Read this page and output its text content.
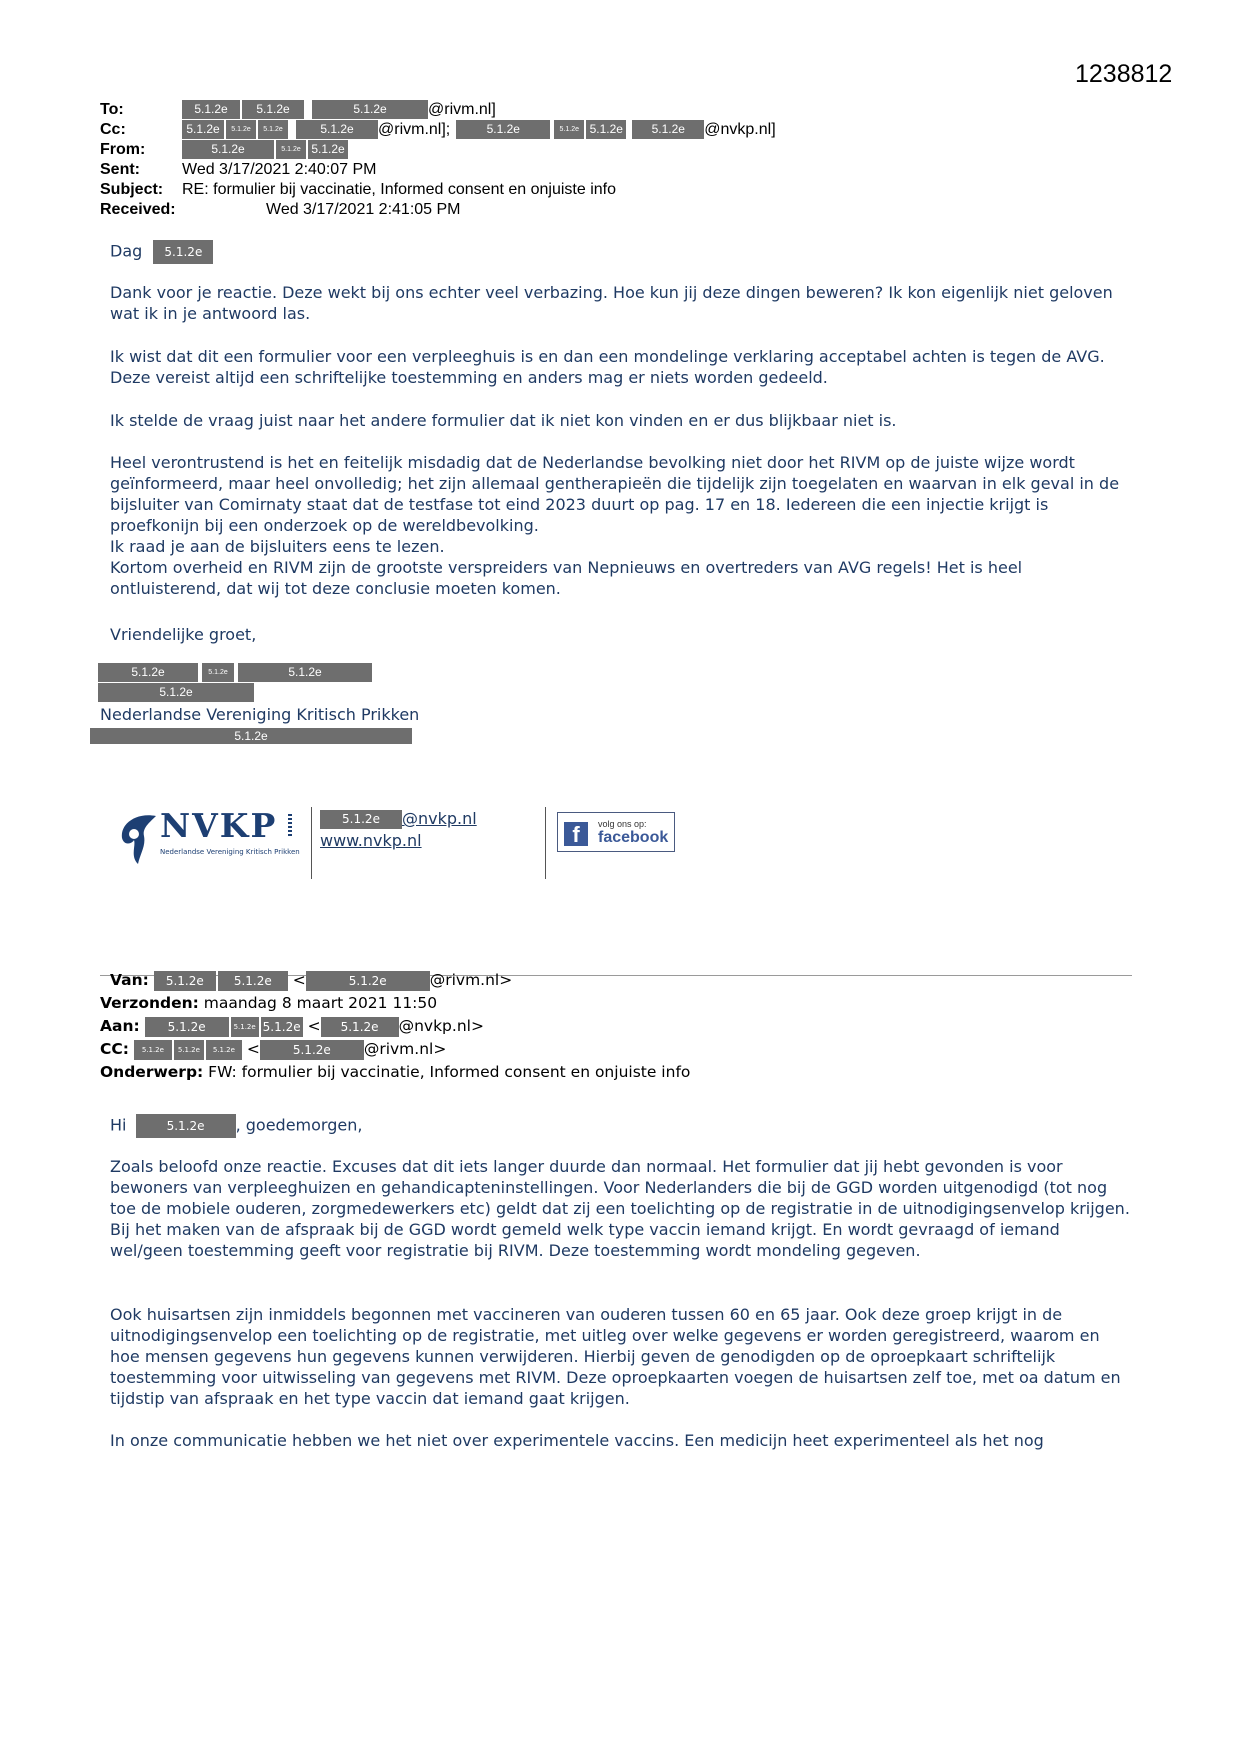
1238812
To:	5.1.2e 5.1.2e	5.1.2e	@rivm.nl]
Cc:	5.1.2e 5.1.2e 5.1.2e	5.1.2e @rivm.nl];	5.1.2e	5.1.2e 5.1.2e 5.1.2e @nvkp.nl]
From:	5.1.2e	5.1.2e 5.1.2e
Sent:	Wed 3/17/2021 2:40:07 PM
Subject: RE: formulier bij vaccinatie, Informed consent en onjuiste info
Received:	Wed 3/17/2021 2:41:05 PM
Dag 5.1.2e
Dank voor je reactie. Deze wekt bij ons echter veel verbazing. Hoe kun jij deze dingen beweren? Ik kon eigenlijk niet geloven wat ik in je antwoord las.
Ik wist dat dit een formulier voor een verpleeghuis is en dan een mondelinge verklaring acceptabel achten is tegen de AVG. Deze vereist altijd een schriftelijke toestemming en anders mag er niets worden gedeeld.
Ik stelde de vraag juist naar het andere formulier dat ik niet kon vinden en er dus blijkbaar niet is.
Heel verontrustend is het en feitelijk misdadig dat de Nederlandse bevolking niet door het RIVM op de juiste wijze wordt geïnformeerd, maar heel onvolledig; het zijn allemaal gentherapieën die tijdelijk zijn toegelaten en waarvan in elk geval in de bijsluiter van Comirnaty staat dat de testfase tot eind 2023 duurt op pag. 17 en 18. Iedereen die een injectie krijgt is proefkonijn bij een onderzoek op de wereldbevolking.
Ik raad je aan de bijsluiters eens te lezen.
Kortom overheid en RIVM zijn de grootste verspreiders van Nepnieuws en overtreders van AVG regels! Het is heel ontluisterend, dat wij tot deze conclusie moeten komen.
Vriendelijke groet,
5.1.2e	5.1.2e	5.1.2e
5.1.2e
Nederlandse Vereniging Kritisch Prikken
5.1.2e
NVKP
Nederlandse Vereniging Kritisch Prikken
5.1.2e @nvkp.nl
www.nvkp.nl	f	volg ons op:
facebook
Van: 5.1.2e	5.1.2e <	5.1.2e	@rivm.nl>
Verzonden: maandag 8 maart 2021 11:50
Aan: 5.1.2e	5.1.2e 5.1.2e < 5.1.2e @nvkp.nl>
CC: 5.1.2e 5.1.2e 5.1.2e <	5.1.2e @rivm.nl>
Onderwerp: FW: formulier bij vaccinatie, Informed consent en onjuiste info
Hi	5.1.2e , goedemorgen,
Zoals beloofd onze reactie. Excuses dat dit iets langer duurde dan normaal. Het formulier dat jij hebt gevonden is voor bewoners van verpleeghuizen en gehandicapteninstellingen. Voor Nederlanders die bij de GGD worden uitgenodigd (tot nog toe de mobiele ouderen, zorgmedewerkers etc) geldt dat zij een toelichting op de registratie in de uitnodigingsenvelop krijgen. Bij het maken van de afspraak bij de GGD wordt gemeld welk type vaccin iemand krijgt. En wordt gevraagd of iemand wel/geen toestemming geeft voor registratie bij RIVM. Deze toestemming wordt mondeling gegeven.
Ook huisartsen zijn inmiddels begonnen met vaccineren van ouderen tussen 60 en 65 jaar. Ook deze groep krijgt in de uitnodigingsenvelop een toelichting op de registratie, met uitleg over welke gegevens er worden geregistreerd, waarom en hoe mensen gegevens hun gegevens kunnen verwijderen. Hierbij geven de genodigden op de oproepkaart schriftelijk toestemming voor uitwisseling van gegevens met RIVM. Deze oproepkaarten voegen de huisartsen zelf toe, met oa datum en tijdstip van afspraak en het type vaccin dat iemand gaat krijgen.
In onze communicatie hebben we het niet over experimentele vaccins. Een medicijn heet experimenteel als het nog
